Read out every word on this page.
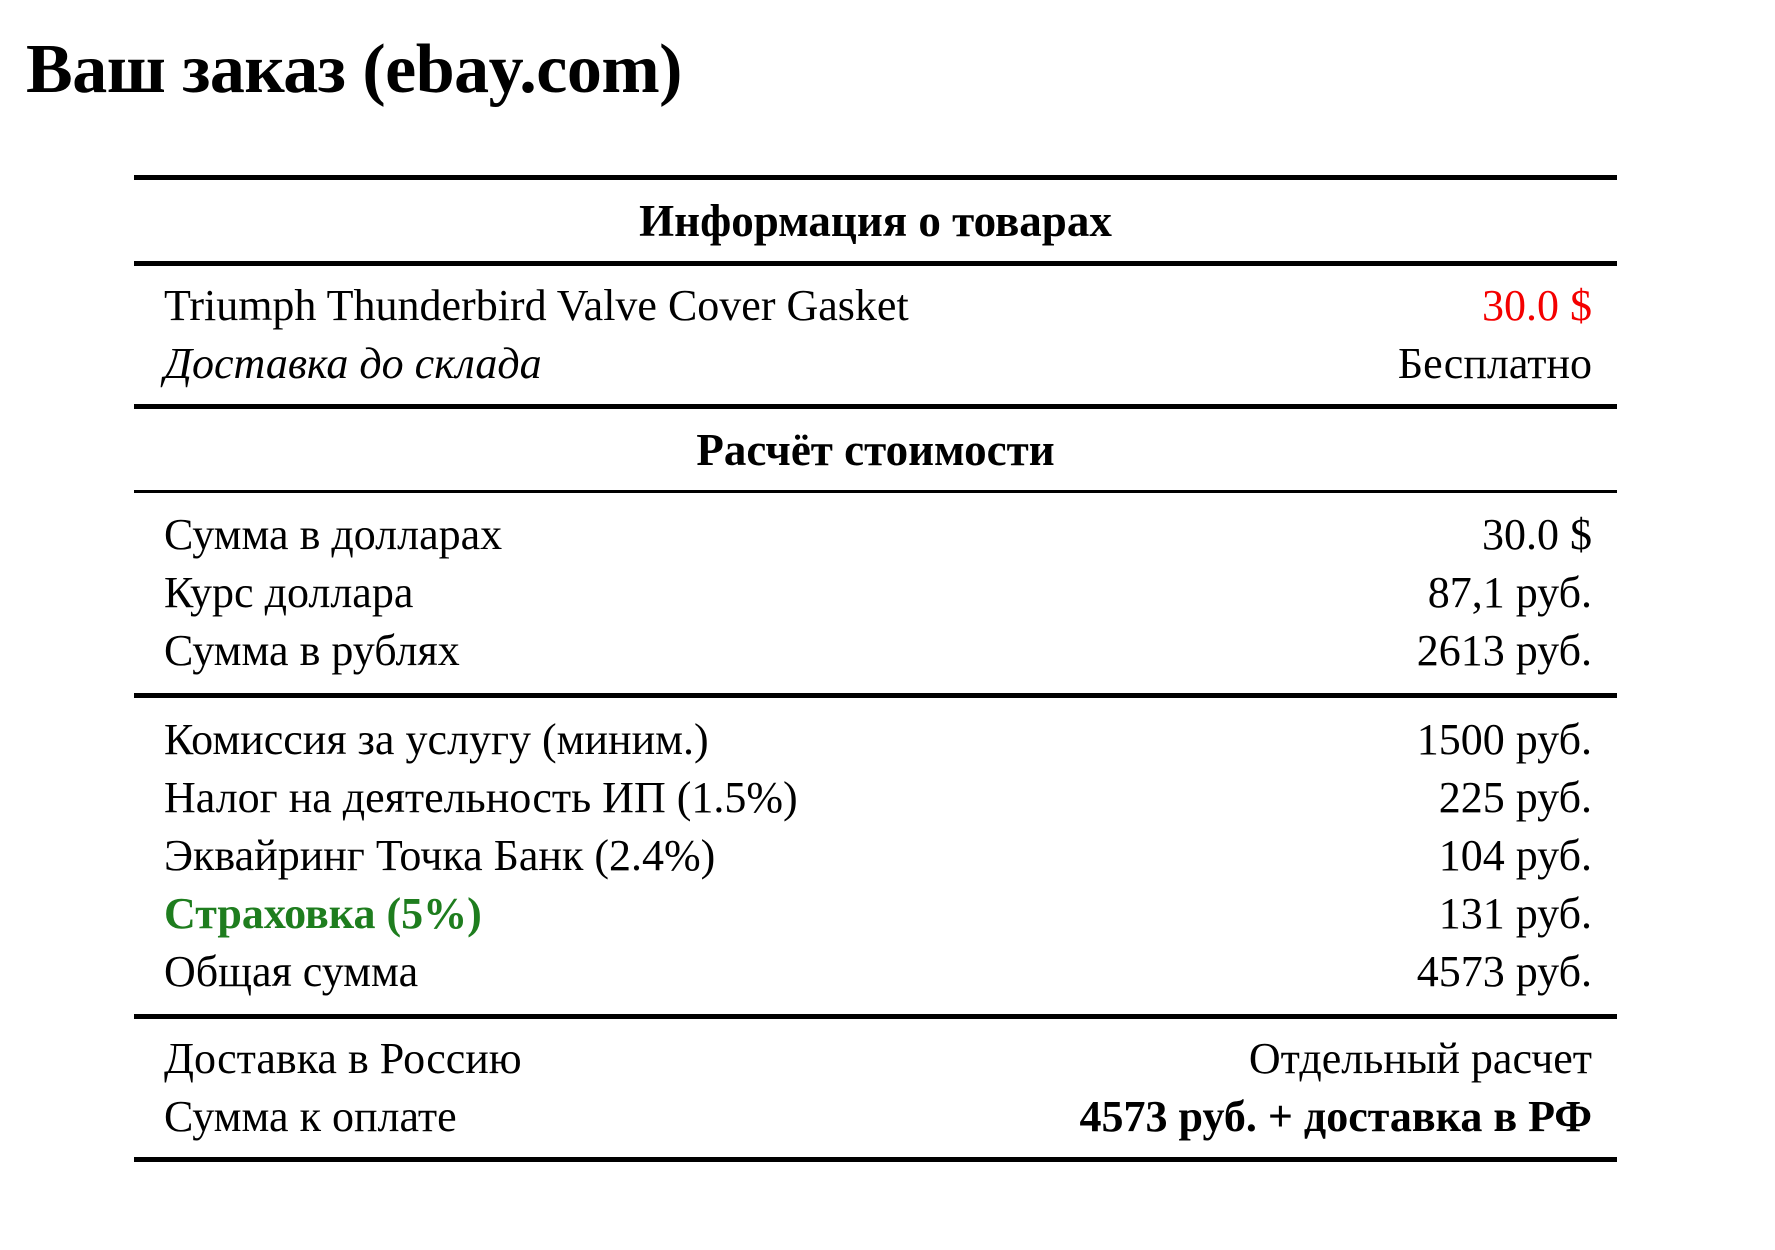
Ваш заказ (ebay.com)
Информация о товарах
Triumph Thunderbird Valve Cover Gasket	30.0 $
Доставка до склада	Бесплатно
Расчёт стоимости
Сумма в долларах	30.0 $
Курс доллара	87,1 руб.
Сумма в рублях	2613 руб.
Комиссия за услугу (миним.)	1500 руб.
Налог на деятельность ИП (1.5%)	225 руб.
Эквайринг Точка Банк (2.4%)	104 руб.
Страховка (5%)	131 руб.
Общая сумма	4573 руб.
Доставка в Россию	Отдельный расчет
Сумма к оплате	4573 руб. + доставка в РФ
